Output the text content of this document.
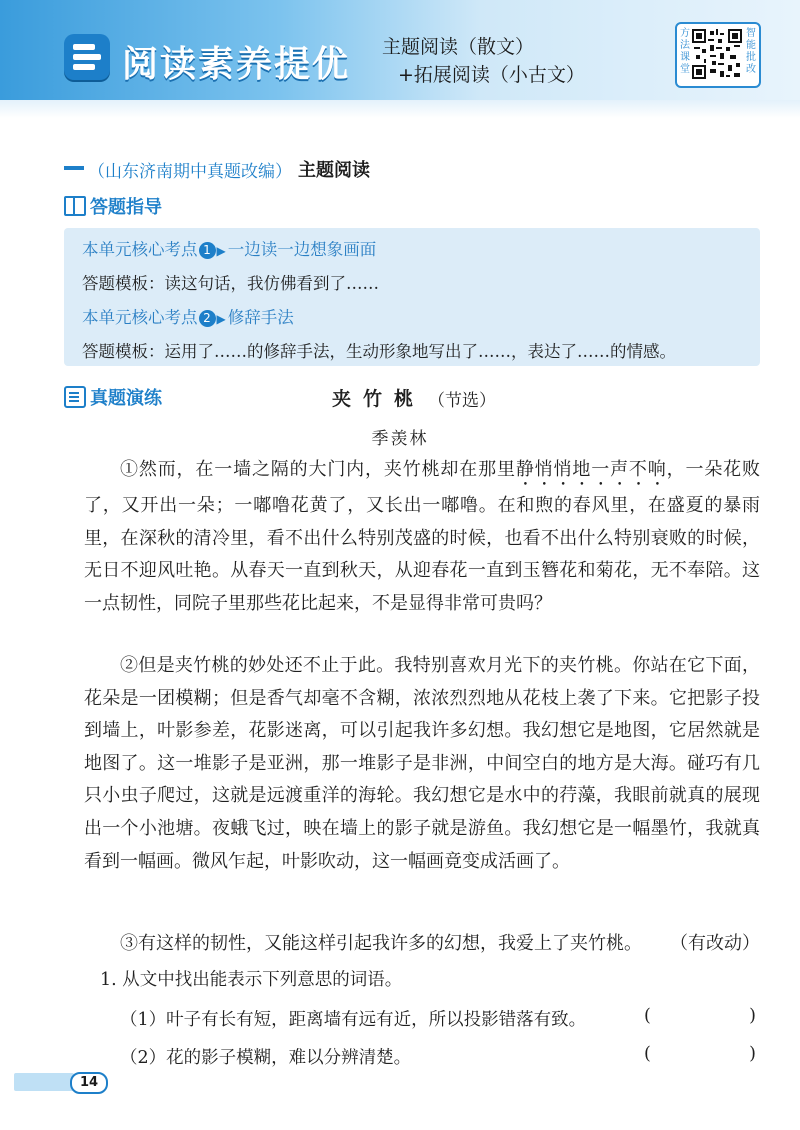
阅读素养提优 主题阅读（散文）
+拓展阅读（小古文）
方法课堂
智能批改
（山东济南期中真题改编） 主题阅读
答题指导
本单元核心考点 1 ▶ 一边读一边想象画面
答题模板：读这句话，我仿佛看到了……
本单元核心考点 2 ▶ 修辞手法
答题模板：运用了……的修辞手法，生动形象地写出了……，表达了……的情感。
真题演练	夹竹桃 （节选）
季羡林

①然而，在一墙之隔的大门内，夹竹桃却在那里静悄悄地一声不响，一朵花败了，又开出一朵；一嘟噜花黄了，又长出一嘟噜。在和煦的春风里，在盛夏的暴雨里，在深秋的清冷里，看不出什么特别茂盛的时候，也看不出什么特别衰败的时候，无日不迎风吐艳。从春天一直到秋天，从迎春花一直到玉簪花和菊花，无不奉陪。这一点韧性，同院子里那些花比起来，不是显得非常可贵吗？

②但是夹竹桃的妙处还不止于此。我特别喜欢月光下的夹竹桃。你站在它下面，花朵是一团模糊；但是香气却毫不含糊，浓浓烈烈地从花枝上袭了下来。它把影子投到墙上，叶影参差，花影迷离，可以引起我许多幻想。我幻想它是地图，它居然就是地图了。这一堆影子是亚洲，那一堆影子是非洲，中间空白的地方是大海。碰巧有几只小虫子爬过，这就是远渡重洋的海轮。我幻想它是水中的荇藻，我眼前就真的展现出一个小池塘。夜蛾飞过，映在墙上的影子就是游鱼。我幻想它是一幅墨竹，我就真看到一幅画。微风乍起，叶影吹动，这一幅画竟变成活画了。

③有这样的韧性，又能这样引起我许多的幻想，我爱上了夹竹桃。 （有改动）

1. 从文中找出能表示下列意思的词语。
（1）叶子有长有短，距离墙有远有近，所以投影错落有致。	(	)
（2）花的影子模糊，难以分辨清楚。	(	)
14
